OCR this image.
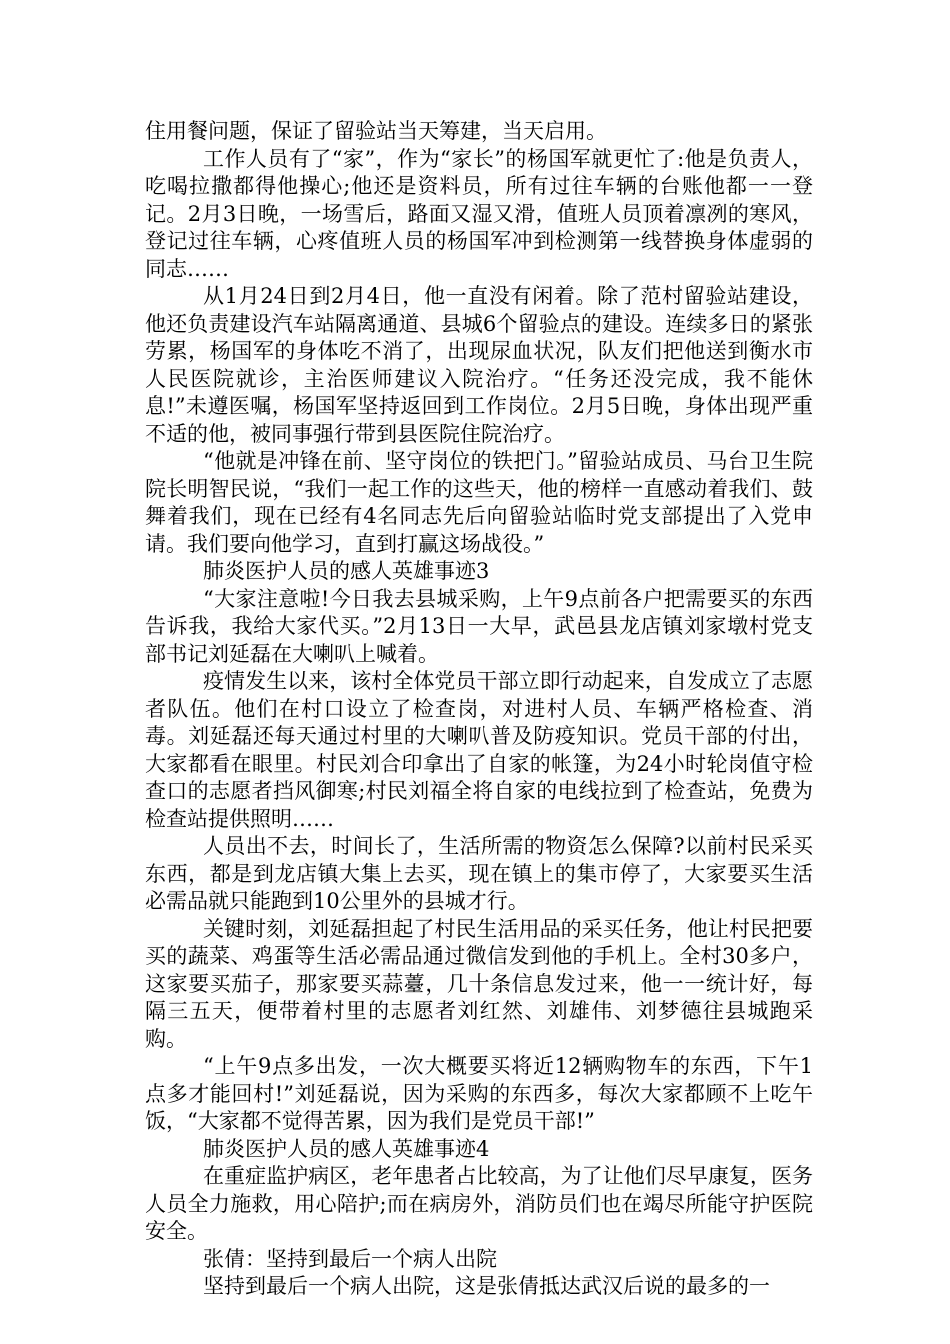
住用餐问题，保证了留验站当天筹建，当天启用。

工作人员有了“家”，作为“家长”的杨国军就更忙了:他是负责人，吃喝拉撒都得他操心;他还是资料员，所有过往车辆的台账他都一一登记。2月3日晚，一场雪后，路面又湿又滑，值班人员顶着凛冽的寒风，登记过往车辆，心疼值班人员的杨国军冲到检测第一线替换身体虚弱的同志……

从1月24日到2月4日，他一直没有闲着。除了范村留验站建设，他还负责建设汽车站隔离通道、县城6个留验点的建设。连续多日的紧张劳累，杨国军的身体吃不消了，出现尿血状况，队友们把他送到衡水市人民医院就诊，主治医师建议入院治疗。“任务还没完成，我不能休息!”未遵医嘱，杨国军坚持返回到工作岗位。2月5日晚，身体出现严重不适的他，被同事强行带到县医院住院治疗。

“他就是冲锋在前、坚守岗位的铁把门。”留验站成员、马台卫生院院长明智民说，“我们一起工作的这些天，他的榜样一直感动着我们、鼓舞着我们，现在已经有4名同志先后向留验站临时党支部提出了入党申请。我们要向他学习，直到打赢这场战役。”

肺炎医护人员的感人英雄事迹3

“大家注意啦!今日我去县城采购，上午9点前各户把需要买的东西告诉我，我给大家代买。”2月13日一大早，武邑县龙店镇刘家墩村党支部书记刘延磊在大喇叭上喊着。

疫情发生以来，该村全体党员干部立即行动起来，自发成立了志愿者队伍。他们在村口设立了检查岗，对进村人员、车辆严格检查、消毒。刘延磊还每天通过村里的大喇叭普及防疫知识。党员干部的付出，大家都看在眼里。村民刘合印拿出了自家的帐篷，为24小时轮岗值守检查口的志愿者挡风御寒;村民刘福全将自家的电线拉到了检查站，免费为检查站提供照明……

人员出不去，时间长了，生活所需的物资怎么保障?以前村民采买东西，都是到龙店镇大集上去买，现在镇上的集市停了，大家要买生活必需品就只能跑到10公里外的县城才行。

关键时刻，刘延磊担起了村民生活用品的采买任务，他让村民把要买的蔬菜、鸡蛋等生活必需品通过微信发到他的手机上。全村30多户，这家要买茄子，那家要买蒜薹，几十条信息发过来，他一一统计好，每隔三五天，便带着村里的志愿者刘红然、刘雄伟、刘梦德往县城跑采购。

“上午9点多出发，一次大概要买将近12辆购物车的东西，下午1点多才能回村!”刘延磊说，因为采购的东西多，每次大家都顾不上吃午饭，“大家都不觉得苦累，因为我们是党员干部!”

肺炎医护人员的感人英雄事迹4

在重症监护病区，老年患者占比较高，为了让他们尽早康复，医务人员全力施救，用心陪护;而在病房外，消防员们也在竭尽所能守护医院安全。

张倩：坚持到最后一个病人出院

坚持到最后一个病人出院，这是张倩抵达武汉后说的最多的一
